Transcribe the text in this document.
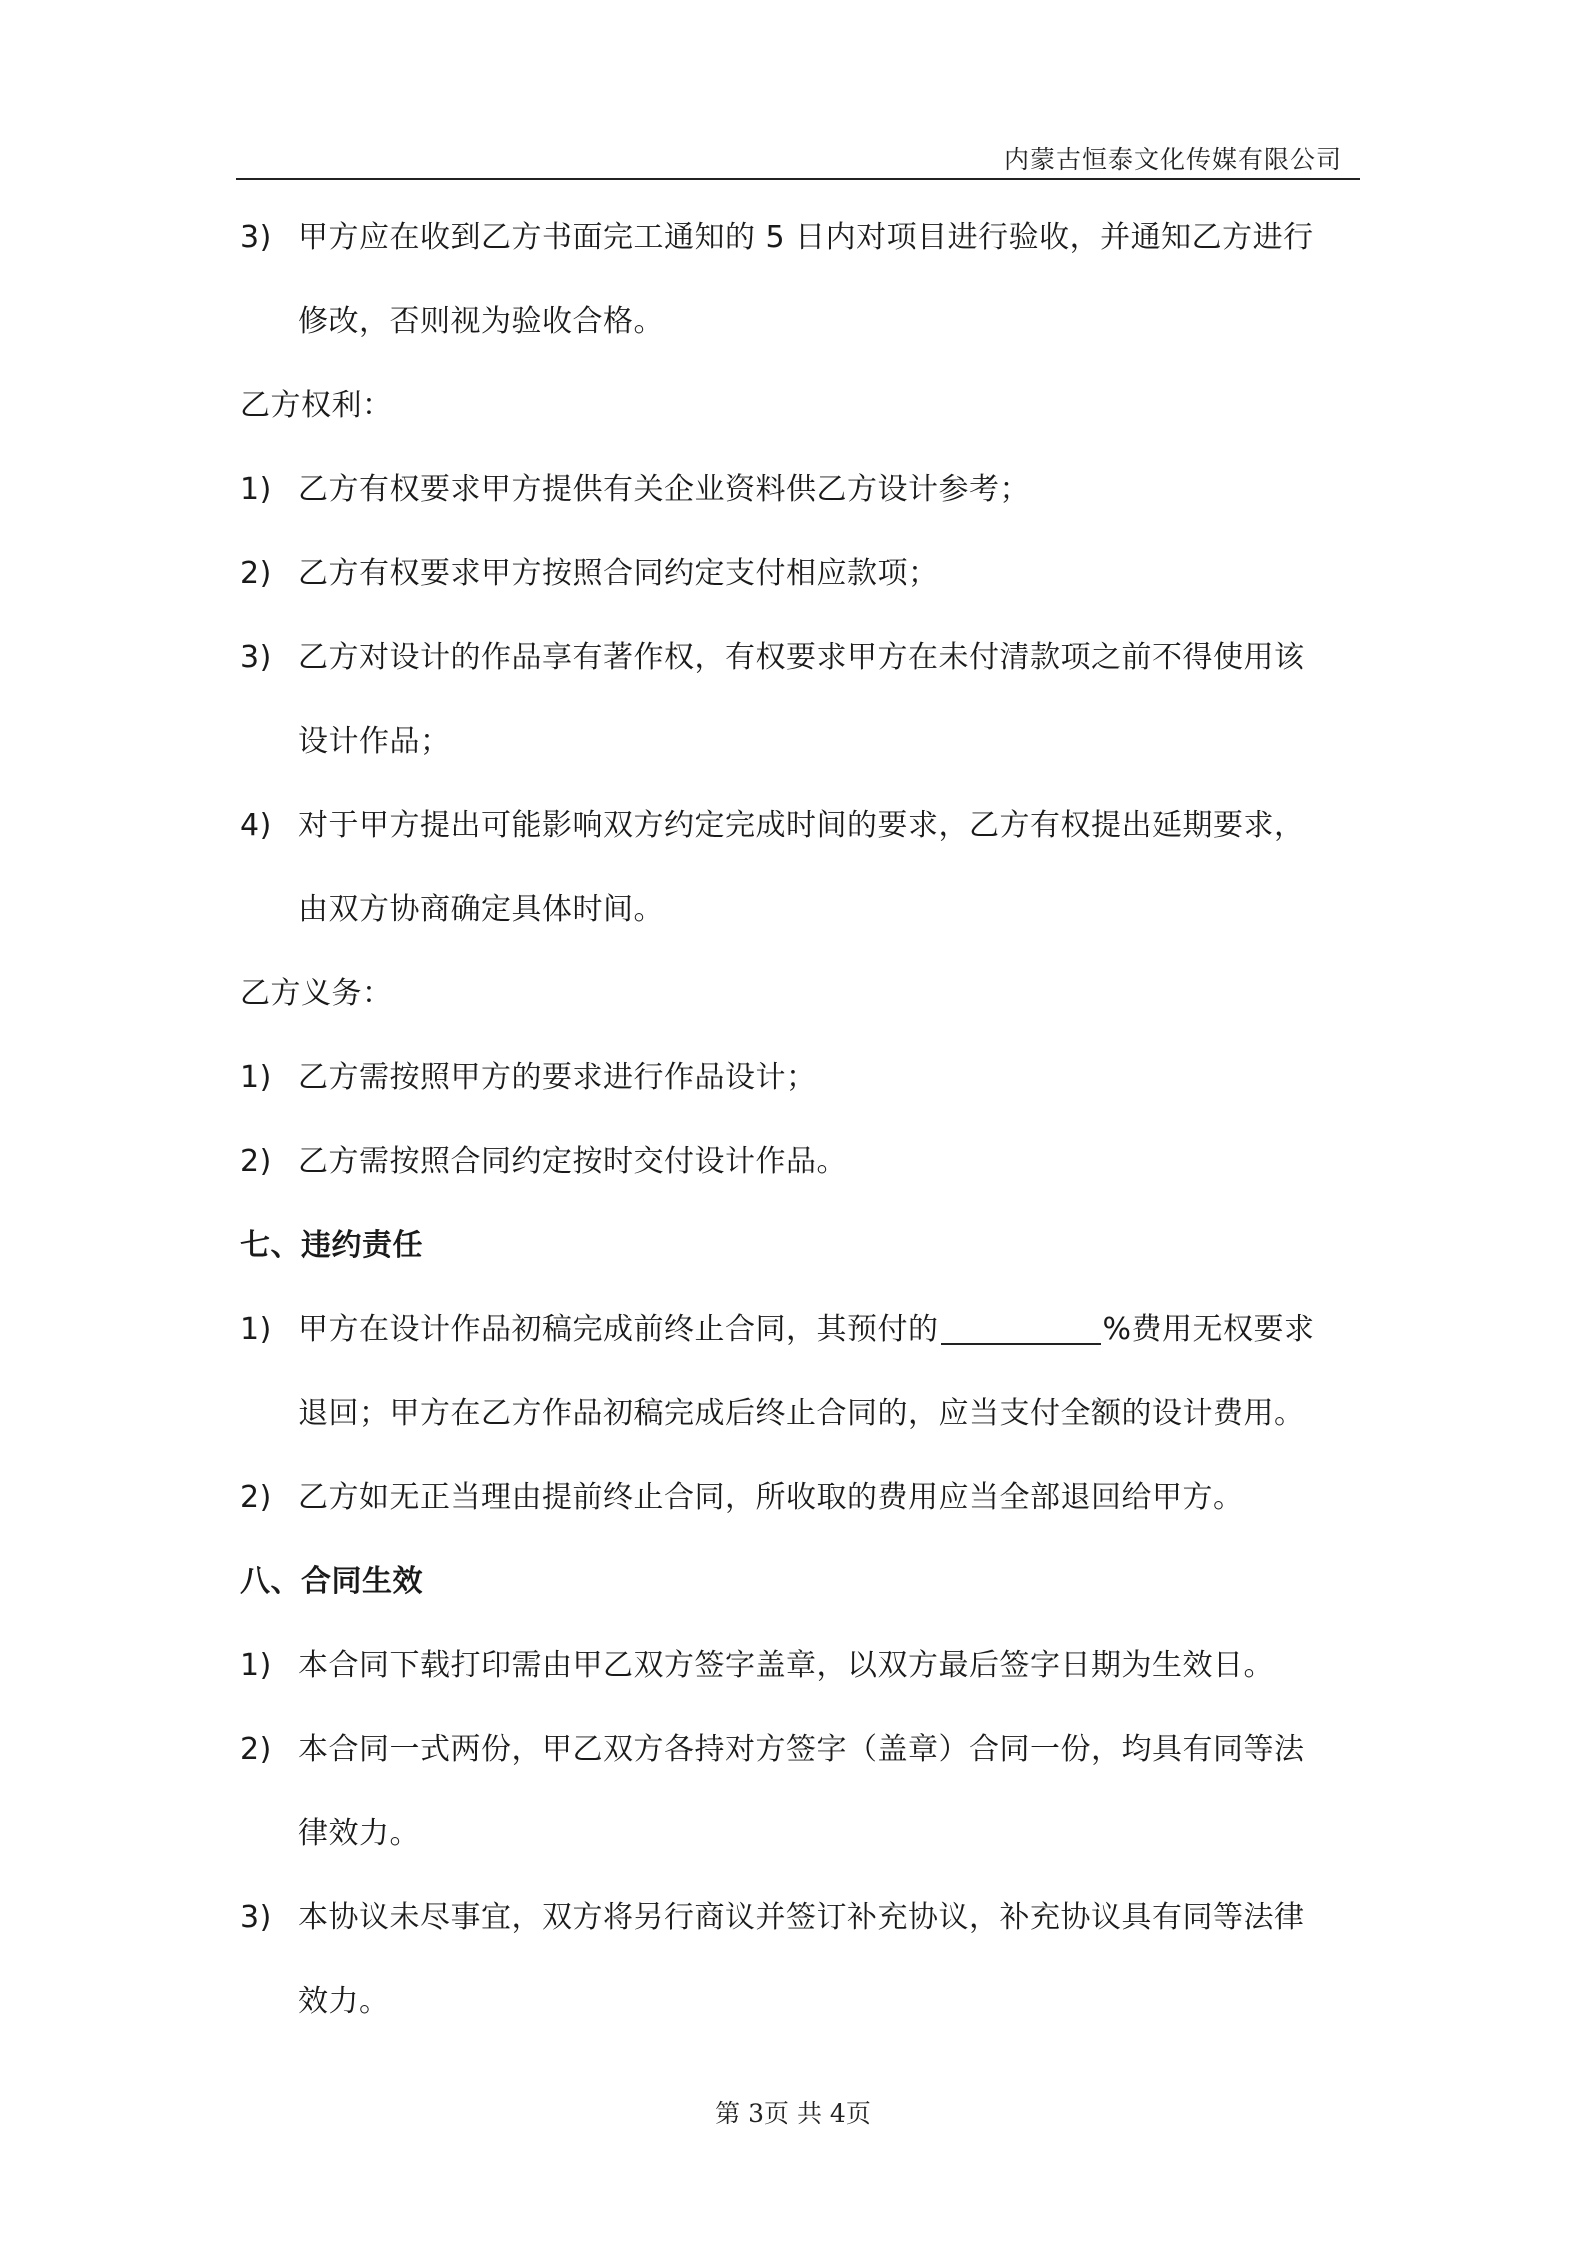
内蒙古恒泰文化传媒有限公司
3) 甲方应在收到乙方书面完工通知的 5 日内对项目进行验收，并通知乙方进行
修改，否则视为验收合格。
乙方权利：
1) 乙方有权要求甲方提供有关企业资料供乙方设计参考；
2) 乙方有权要求甲方按照合同约定支付相应款项；
3) 乙方对设计的作品享有著作权，有权要求甲方在未付清款项之前不得使用该
设计作品；
4) 对于甲方提出可能影响双方约定完成时间的要求，乙方有权提出延期要求，
由双方协商确定具体时间。
乙方义务：
1) 乙方需按照甲方的要求进行作品设计；
2) 乙方需按照合同约定按时交付设计作品。
七、违约责任
1) 甲方在设计作品初稿完成前终止合同，其预付的	%费用无权要求
退回；甲方在乙方作品初稿完成后终止合同的，应当支付全额的设计费用。
2) 乙方如无正当理由提前终止合同，所收取的费用应当全部退回给甲方。
八、合同生效
1) 本合同下载打印需由甲乙双方签字盖章，以双方最后签字日期为生效日。
2) 本合同一式两份，甲乙双方各持对方签字（盖章）合同一份，均具有同等法
律效力。
3) 本协议未尽事宜，双方将另行商议并签订补充协议，补充协议具有同等法律
效力。
第 3页 共 4页
